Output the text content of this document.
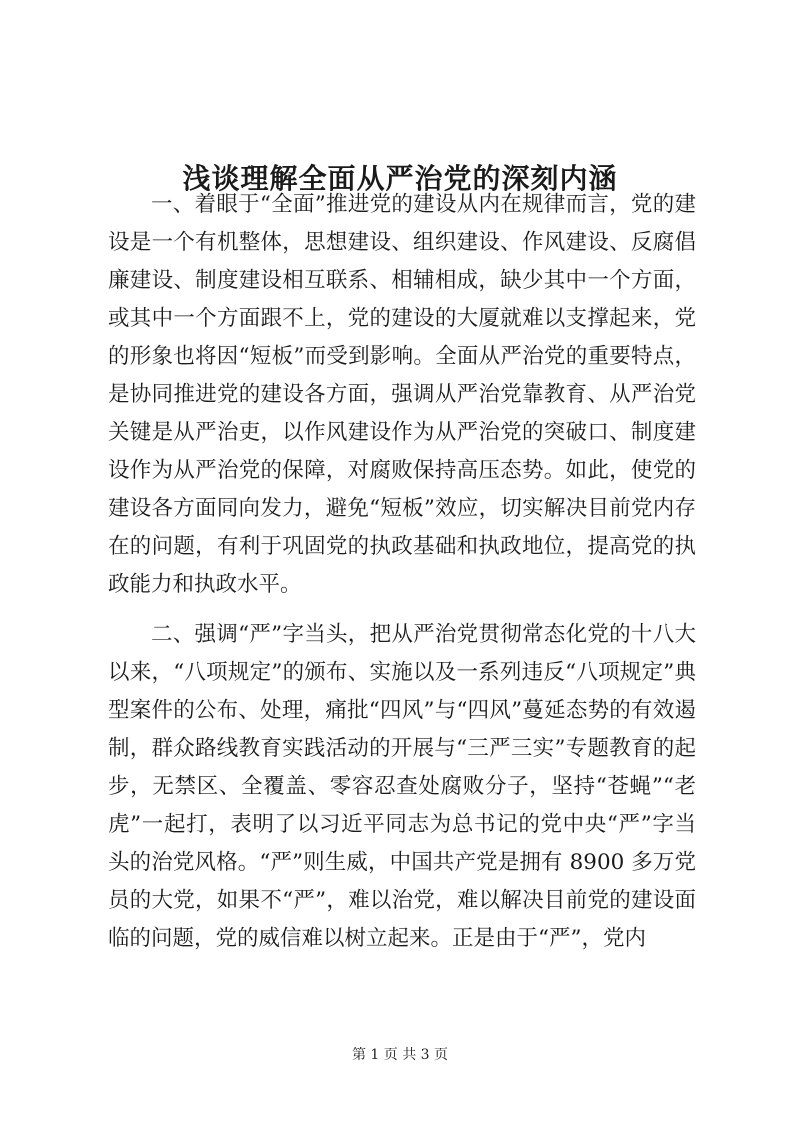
浅谈理解全面从严治党的深刻内涵

一、着眼于“全面”推进党的建设从内在规律而言，党的建设是一个有机整体，思想建设、组织建设、作风建设、反腐倡廉建设、制度建设相互联系、相辅相成，缺少其中一个方面，或其中一个方面跟不上，党的建设的大厦就难以支撑起来，党的形象也将因“短板”而受到影响。全面从严治党的重要特点，是协同推进党的建设各方面，强调从严治党靠教育、从严治党关键是从严治吏，以作风建设作为从严治党的突破口、制度建设作为从严治党的保障，对腐败保持高压态势。如此，使党的建设各方面同向发力，避免“短板”效应，切实解决目前党内存在的问题，有利于巩固党的执政基础和执政地位，提高党的执政能力和执政水平。

二、强调“严”字当头，把从严治党贯彻常态化党的十八大以来，“八项规定”的颁布、实施以及一系列违反“八项规定”典型案件的公布、处理，痛批“四风”与“四风”蔓延态势的有效遏制，群众路线教育实践活动的开展与“三严三实”专题教育的起步，无禁区、全覆盖、零容忍查处腐败分子，坚持“苍蝇”“老虎”一起打，表明了以习近平同志为总书记的党中央“严”字当头的治党风格。“严”则生威，中国共产党是拥有 8900 多万党员的大党，如果不“严”，难以治党，难以解决目前党的建设面临的问题，党的威信难以树立起来。正是由于“严”，党内

第 1 页 共 3 页
